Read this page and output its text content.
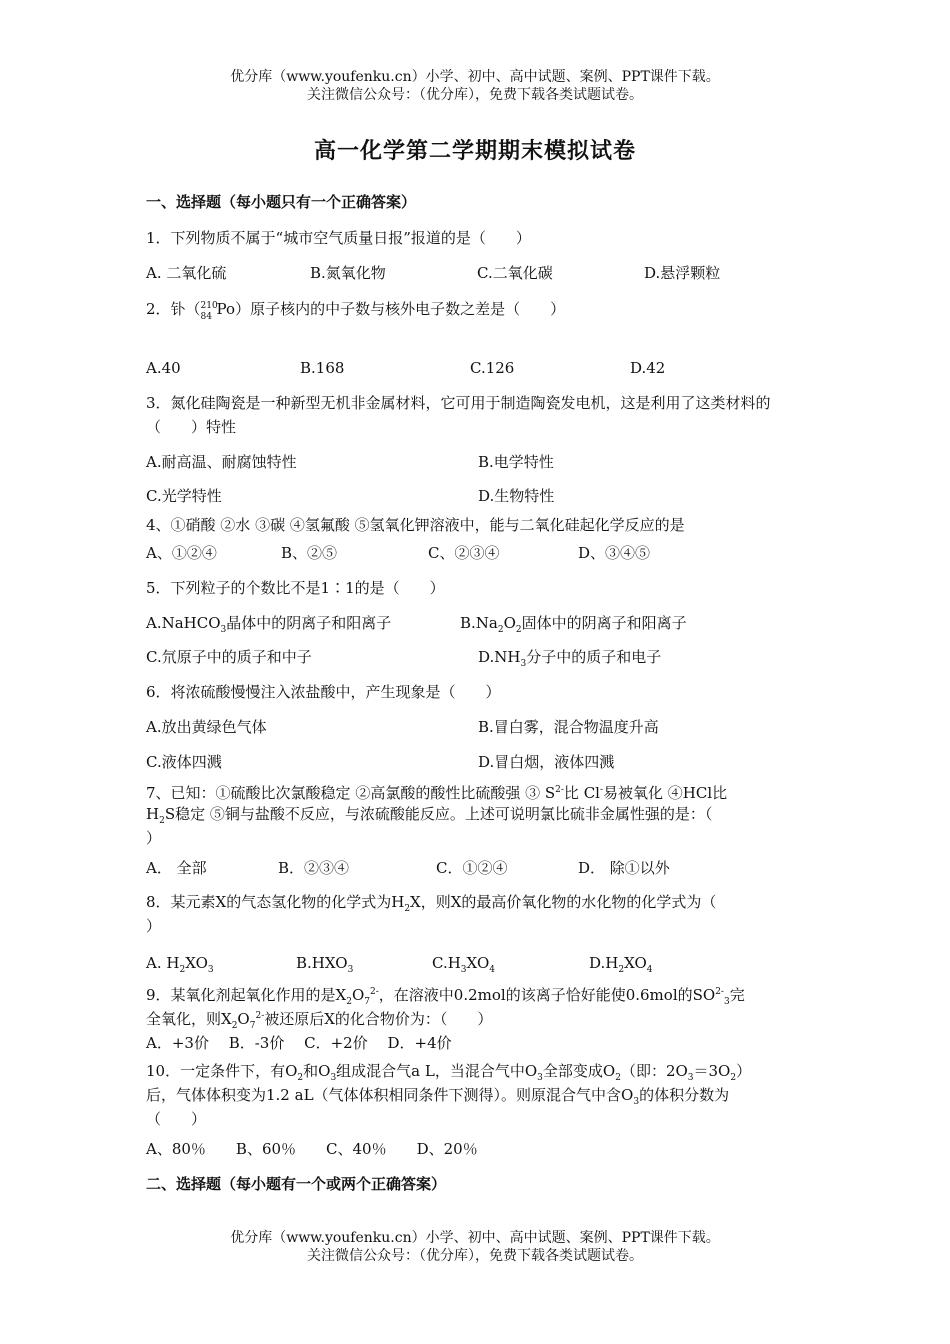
优分库（www.youfenku.cn）小学、初中、高中试题、案例、PPT课件下载。
关注微信公众号：（优分库），免费下载各类试题试卷。
高一化学第二学期期末模拟试卷
一、选择题（每小题只有一个正确答案）
1．下列物质不属于“城市空气质量日报”报道的是（　　）
A. 二氧化硫	B.氮氧化物	C.二氧化碳	D.悬浮颗粒
2．钋（ 210
84 Po）原子核内的中子数与核外电子数之差是（　　）
A.40	B.168	C.126	D.42
3．氮化硅陶瓷是一种新型无机非金属材料，它可用于制造陶瓷发电机，这是利用了这类材料的（　　）特性
A.耐高温、耐腐蚀特性	B.电学特性
C.光学特性	D.生物特性
4、①硝酸 ②水 ③碳 ④氢氟酸 ⑤氢氧化钾溶液中，能与二氧化硅起化学反应的是
A、①②④	B、②⑤	C、②③④	D、③④⑤
5．下列粒子的个数比不是1∶1的是（　　）
A.NaHCO$_3$晶体中的阴离子和阳离子	$B.Na_2O_2$固体中的阴离子和阳离子
C.氘原子中的质子和中子	$D.NH_3$分子中的质子和电子
6．将浓硫酸慢慢注入浓盐酸中，产生现象是（　　）
A.放出黄绿色气体	B.冒白雾，混合物温度升高
C.液体四溅	D.冒白烟，液体四溅
7、已知：①硫酸比次氯酸稳定 ②高氯酸的酸性比硫酸强 ③ $S^{2-}$比 Cl-易被氧化 ④HCl比
$H_2S$稳定 ⑤铜与盐酸不反应，与浓硫酸能反应。上述可说明氯比硫非金属性强的是：（
）
A． 全部	B．②③④	C．①②④	D． 除①以外
8．某元素X的气态氢化物的化学式为$H_2X$，则X的最高价氧化物的水化物的化学式为（
）
A. $H_2XO_3$	$B.HXO_3$	$C.H_3XO_4$	$D.H_2XO_4$
9．某氧化剂起氧化作用的是$X_2O_7^{2-}$，在溶液中0.2mol的该离子恰好能使0.6mol的$SO^{2-}_3$完
全氧化，则$X_2O_7^{2-}$被还原后X的化合物价为：（　　）
A．+3价　 B．-3价　 C．+2价　 D．+4价
10．一定条件下，有$O_2$和$O_3$组成混合气a L，当混合气中$O_3$全部变成$O_2$（即：$2O_3=3O_2$）
后，气体体积变为1.2 aL（气体体积相同条件下测得）。则原混合气中含$O_3$的体积分数为
（　　）
A、80％　　B、60％　　C、40％　　D、20％
二、选择题（每小题有一个或两个正确答案）
优分库（www.youfenku.cn）小学、初中、高中试题、案例、PPT课件下载。
关注微信公众号：（优分库），免费下载各类试题试卷。
